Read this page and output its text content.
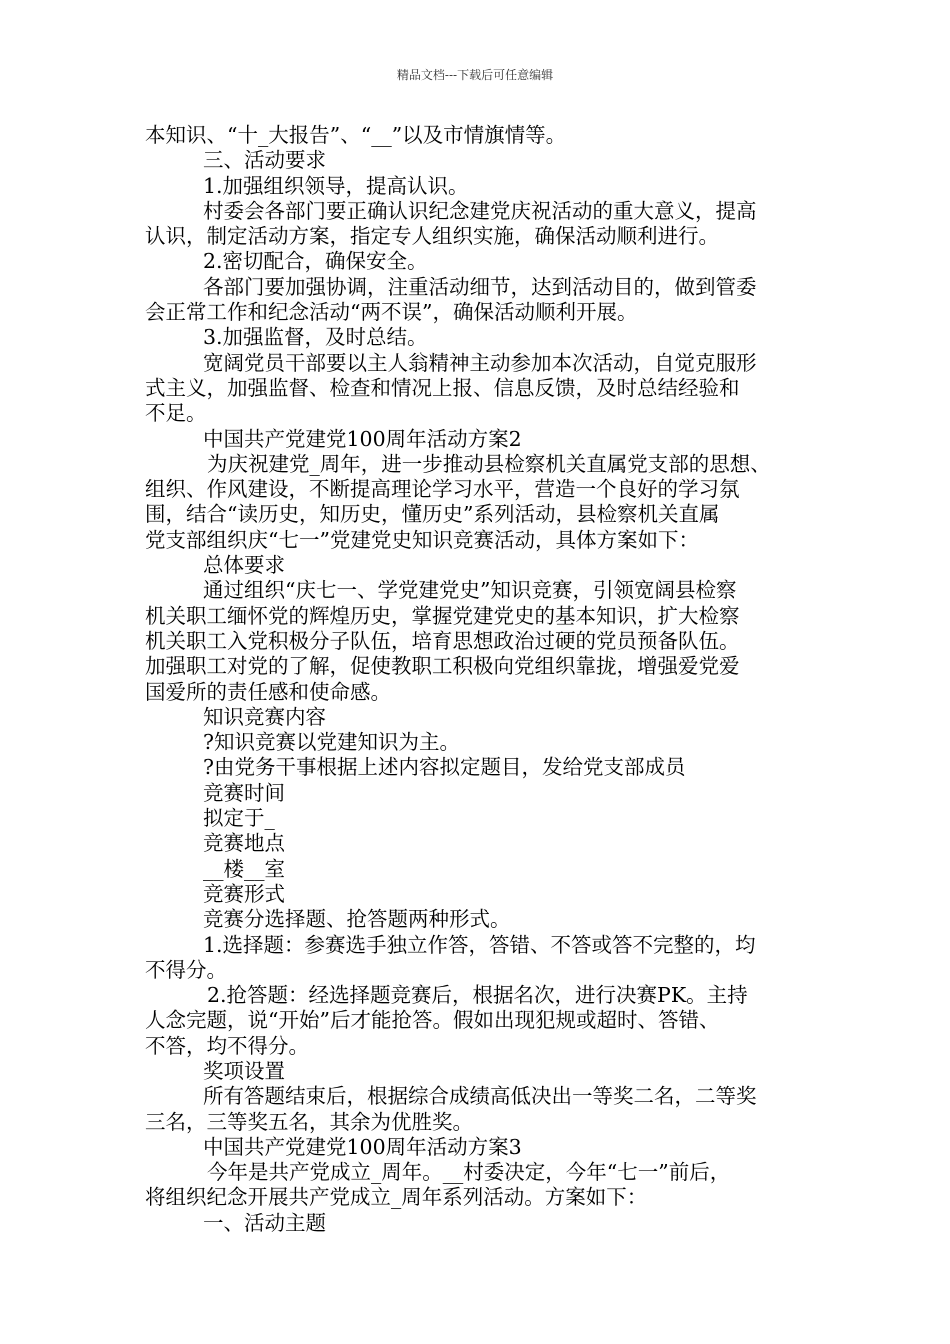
精品文档---下载后可任意编辑
本知识、“十_大报告”、“__”以及市情旗情等。
三、活动要求
1.加强组织领导，提高认识。
村委会各部门要正确认识纪念建党庆祝活动的重大意义，提高
认识，制定活动方案，指定专人组织实施，确保活动顺利进行。
2.密切配合，确保安全。
各部门要加强协调，注重活动细节，达到活动目的，做到管委
会正常工作和纪念活动“两不误”，确保活动顺利开展。
3.加强监督，及时总结。
宽阔党员干部要以主人翁精神主动参加本次活动，自觉克服形
式主义，加强监督、检查和情况上报、信息反馈，及时总结经验和
不足。
中国共产党建党100周年活动方案2
为庆祝建党_周年，进一步推动县检察机关直属党支部的思想、
组织、作风建设，不断提高理论学习水平，营造一个良好的学习氛
围，结合“读历史，知历史，懂历史”系列活动，县检察机关直属
党支部组织庆“七一”党建党史知识竞赛活动，具体方案如下：
总体要求
通过组织“庆七一、学党建党史”知识竞赛，引领宽阔县检察
机关职工缅怀党的辉煌历史，掌握党建党史的基本知识，扩大检察
机关职工入党积极分子队伍，培育思想政治过硬的党员预备队伍。
加强职工对党的了解，促使教职工积极向党组织靠拢，增强爱党爱
国爱所的责任感和使命感。
知识竞赛内容
?知识竞赛以党建知识为主。
?由党务干事根据上述内容拟定题目，发给党支部成员
竞赛时间
拟定于_
竞赛地点
__楼__室
竞赛形式
竞赛分选择题、抢答题两种形式。
1.选择题：参赛选手独立作答，答错、不答或答不完整的，均
不得分。
2.抢答题：经选择题竞赛后，根据名次，进行决赛PK。主持
人念完题，说“开始”后才能抢答。假如出现犯规或超时、答错、
不答，均不得分。
奖项设置
所有答题结束后，根据综合成绩高低决出一等奖二名，二等奖
三名，三等奖五名，其余为优胜奖。
中国共产党建党100周年活动方案3
今年是共产党成立_周年。__村委决定，今年“七一”前后，
将组织纪念开展共产党成立_周年系列活动。方案如下：
一、活动主题
